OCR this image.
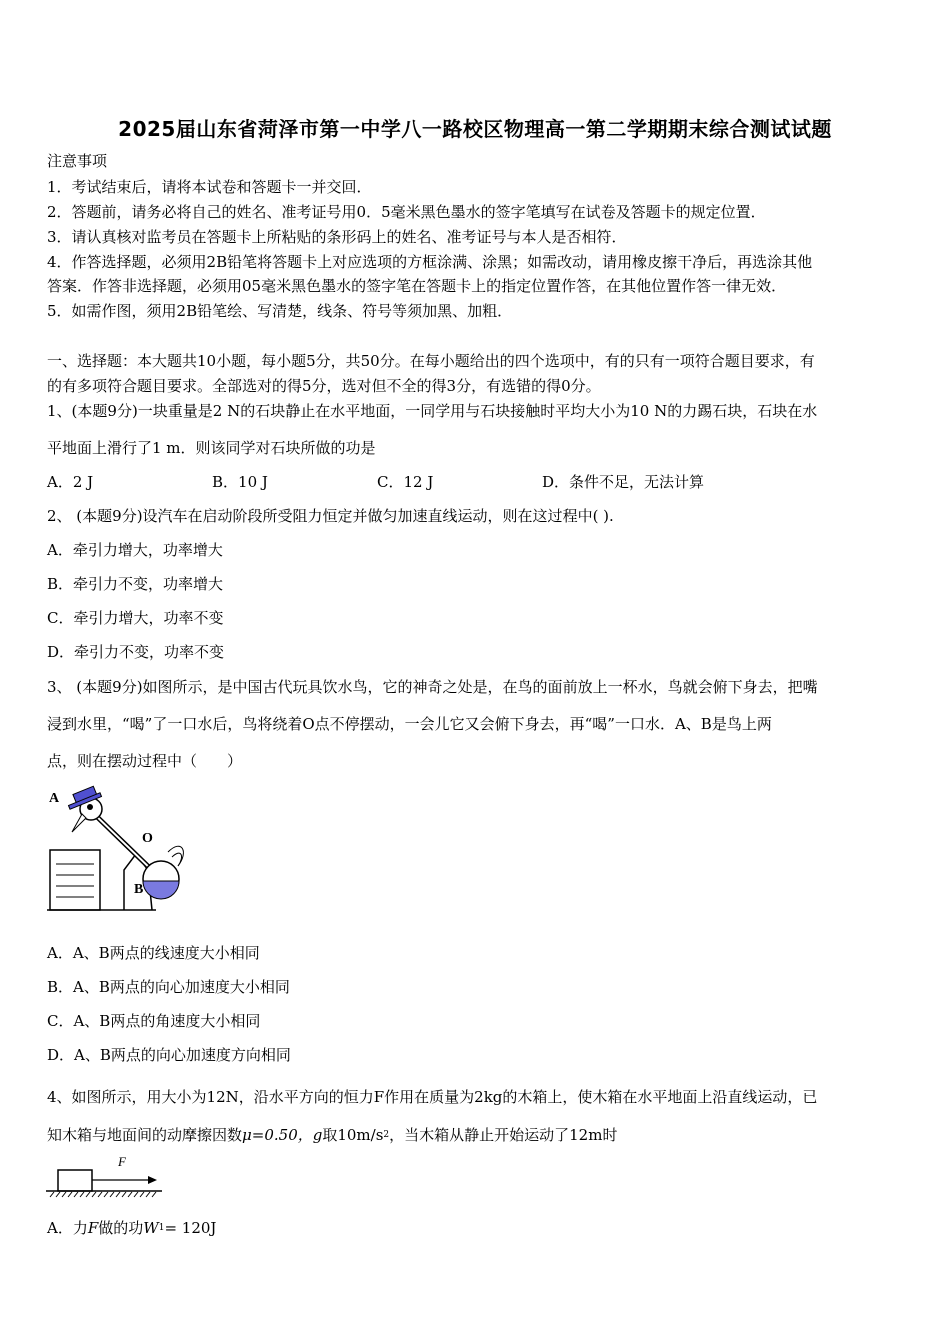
2025届山东省菏泽市第一中学八一路校区物理高一第二学期期末综合测试试题
注意事项
1．考试结束后，请将本试卷和答题卡一并交回．
2．答题前，请务必将自己的姓名、准考证号用0．5毫米黑色墨水的签字笔填写在试卷及答题卡的规定位置．
3．请认真核对监考员在答题卡上所粘贴的条形码上的姓名、准考证号与本人是否相符．
4．作答选择题，必须用2B铅笔将答题卡上对应选项的方框涂满、涂黑；如需改动，请用橡皮擦干净后，再选涂其他
答案．作答非选择题，必须用05毫米黑色墨水的签字笔在答题卡上的指定位置作答，在其他位置作答一律无效．
5．如需作图，须用2B铅笔绘、写清楚，线条、符号等须加黑、加粗．
一、选择题：本大题共10小题，每小题5分，共50分。在每小题给出的四个选项中，有的只有一项符合题目要求，有
的有多项符合题目要求。全部选对的得5分，选对但不全的得3分，有选错的得0分。
1、(本题9分)一块重量是2 N的石块静止在水平地面，一同学用与石块接触时平均大小为10 N的力踢石块，石块在水
平地面上滑行了1 m．则该同学对石块所做的功是
A．2 J	B．10 J	C．12 J	D．条件不足，无法计算
2、 (本题9分)设汽车在启动阶段所受阻力恒定并做匀加速直线运动，则在这过程中( ).
A．牵引力增大，功率增大
B．牵引力不变，功率增大
C．牵引力增大，功率不变
D．牵引力不变，功率不变
3、 (本题9分)如图所示，是中国古代玩具饮水鸟，它的神奇之处是，在鸟的面前放上一杯水，鸟就会俯下身去，把嘴
浸到水里，“喝”了一口水后，鸟将绕着O点不停摆动，一会儿它又会俯下身去，再“喝”一口水．A、B是鸟上两
点，则在摆动过程中（　　）
A
O
B
A．A、B两点的线速度大小相同
B．A、B两点的向心加速度大小相同
C．A、B两点的角速度大小相同
D．A、B两点的向心加速度方向相同
4、如图所示，用大小为12N，沿水平方向的恒力F作用在质量为2kg的木箱上，使木箱在水平地面上沿直线运动，已
知木箱与地面间的动摩擦因数μ=0.50，g取$10m/s^2$，当木箱从静止开始运动了12m时
F
A．力F做的功W1= 120J
